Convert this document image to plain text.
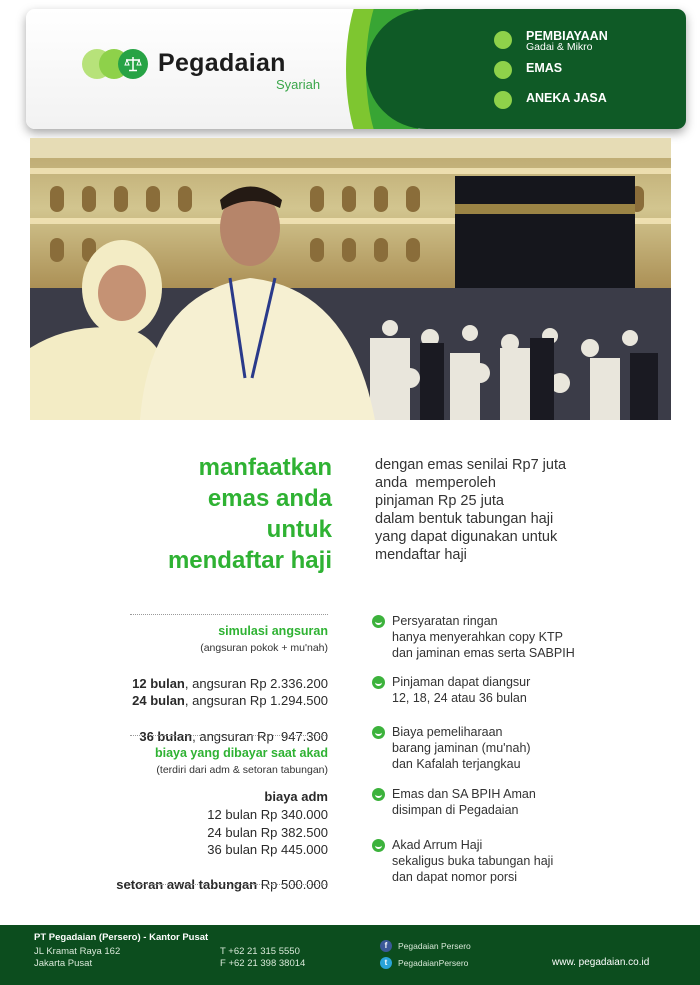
Pegadaian
Syariah
PEMBIAYAAN
Gadai & Mikro
EMAS
ANEKA JASA
manfaatkan
emas anda
untuk
mendaftar haji
dengan emas senilai Rp7 juta
anda  memperoleh
pinjaman Rp 25 juta
dalam bentuk tabungan haji
yang dapat digunakan untuk
mendaftar haji
simulasi angsuran
(angsuran pokok + mu'nah)
12 bulan, angsuran Rp 2.336.200
24 bulan, angsuran Rp 1.294.500

36 bulan, angsuran Rp  947.300

biaya yang dibayar saat akad
(terdiri dari adm & setoran tabungan)
biaya adm
12 bulan Rp 340.000
24 bulan Rp 382.500
36 bulan Rp 445.000

setoran awal tabungan Rp 500.000

Persyaratan ringan
hanya menyerahkan copy KTP
dan jaminan emas serta SABPIH
Pinjaman dapat diangsur
12, 18, 24 atau 36 bulan
Biaya pemeliharaan
barang jaminan (mu'nah)
dan Kafalah terjangkau
Emas dan SA BPIH Aman
disimpan di Pegadaian
Akad Arrum Haji
sekaligus buka tabungan haji
dan dapat nomor porsi
PT Pegadaian (Persero) - Kantor Pusat
JL Kramat Raya 162
Jakarta Pusat
T +62 21 315 5550
F +62 21 398 38014
f	Pegadaian Persero
t	PegadaianPersero	www. pegadaian.co.id
